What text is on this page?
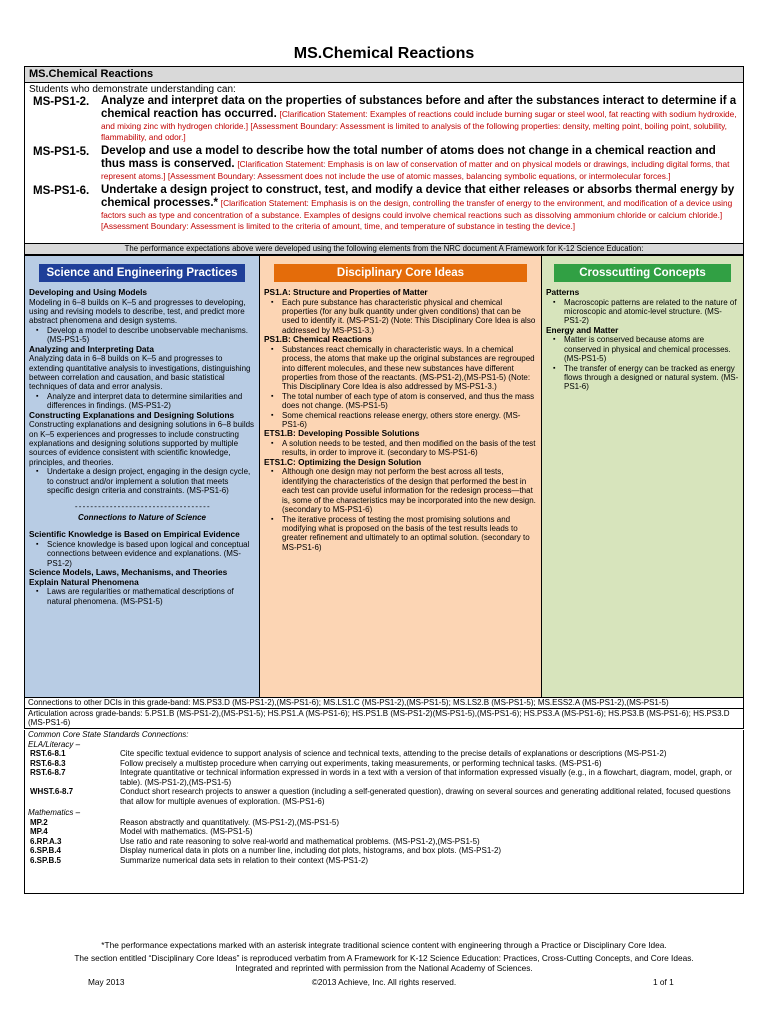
MS.Chemical Reactions
MS.Chemical Reactions
Students who demonstrate understanding can:
MS-PS1-2.	Analyze and interpret data on the properties of substances before and after the substances interact to determine if a chemical reaction has occurred. [Clarification Statement: Examples of reactions could include burning sugar or steel wool, fat reacting with sodium hydroxide, and mixing zinc with hydrogen chloride.] [Assessment Boundary: Assessment is limited to analysis of the following properties: density, melting point, boiling point, solubility, flammability, and odor.]
MS-PS1-5.	Develop and use a model to describe how the total number of atoms does not change in a chemical reaction and thus mass is conserved. [Clarification Statement: Emphasis is on law of conservation of matter and on physical models or drawings, including digital forms, that represent atoms.] [Assessment Boundary: Assessment does not include the use of atomic masses, balancing symbolic equations, or intermolecular forces.]
MS-PS1-6.	Undertake a design project to construct, test, and modify a device that either releases or absorbs thermal energy by chemical processes.* [Clarification Statement: Emphasis is on the design, controlling the transfer of energy to the environment, and modification of a device using factors such as type and concentration of a substance. Examples of designs could involve chemical reactions such as dissolving ammonium chloride or calcium chloride.] [Assessment Boundary: Assessment is limited to the criteria of amount, time, and temperature of substance in testing the device.]
The performance expectations above were developed using the following elements from the NRC document A Framework for K-12 Science Education:
Science and Engineering Practices
Developing and Using Models

Modeling in 6–8 builds on K–5 and progresses to developing, using and revising models to describe, test, and predict more abstract phenomena and design systems.

▪ Develop a model to describe unobservable mechanisms. (MS-PS1-5)
Analyzing and Interpreting Data

Analyzing data in 6–8 builds on K–5 and progresses to extending quantitative analysis to investigations, distinguishing between correlation and causation, and basic statistical techniques of data and error analysis.

▪ Analyze and interpret data to determine similarities and differences in findings. (MS-PS1-2)
Constructing Explanations and Designing Solutions

Constructing explanations and designing solutions in 6–8 builds on K–5 experiences and progresses to include constructing explanations and designing solutions supported by multiple sources of evidence consistent with scientific knowledge, principles, and theories.

▪ Undertake a design project, engaging in the design cycle, to construct and/or implement a solution that meets specific design criteria and constraints. (MS-PS1-6)
- - - - - - - - - - - - - - - - - - - - - - - - - - - - - - - - - - -
Connections to Nature of Science
Scientific Knowledge is Based on Empirical Evidence
▪ Science knowledge is based upon logical and conceptual connections between evidence and explanations. (MS-PS1-2)
Science Models, Laws, Mechanisms, and Theories Explain Natural Phenomena
▪ Laws are regularities or mathematical descriptions of natural phenomena. (MS-PS1-5)
Disciplinary Core Ideas
PS1.A: Structure and Properties of Matter
▪ Each pure substance has characteristic physical and chemical properties (for any bulk quantity under given conditions) that can be used to identify it. (MS-PS1-2) (Note: This Disciplinary Core Idea is also addressed by MS-PS1-3.)
PS1.B: Chemical Reactions
▪ Substances react chemically in characteristic ways. In a chemical process, the atoms that make up the original substances are regrouped into different molecules, and these new substances have different properties from those of the reactants. (MS-PS1-2),(MS-PS1-5) (Note: This Disciplinary Core Idea is also addressed by MS-PS1-3.)
▪ The total number of each type of atom is conserved, and thus the mass does not change. (MS-PS1-5)
▪ Some chemical reactions release energy, others store energy. (MS-PS1-6)
ETS1.B: Developing Possible Solutions
▪ A solution needs to be tested, and then modified on the basis of the test results, in order to improve it. (secondary to MS-PS1-6)
ETS1.C: Optimizing the Design Solution
▪ Although one design may not perform the best across all tests, identifying the characteristics of the design that performed the best in each test can provide useful information for the redesign process—that is, some of the characteristics may be incorporated into the new design. (secondary to MS-PS1-6)
▪ The iterative process of testing the most promising solutions and modifying what is proposed on the basis of the test results leads to greater refinement and ultimately to an optimal solution. (secondary to MS-PS1-6)
Crosscutting Concepts
Patterns
▪ Macroscopic patterns are related to the nature of microscopic and atomic-level structure. (MS-PS1-2)
Energy and Matter
▪ Matter is conserved because atoms are conserved in physical and chemical processes. (MS-PS1-5)
▪ The transfer of energy can be tracked as energy flows through a designed or natural system. (MS-PS1-6)
Connections to other DCIs in this grade-band: MS.PS3.D (MS-PS1-2),(MS-PS1-6); MS.LS1.C (MS-PS1-2),(MS-PS1-5); MS.LS2.B (MS-PS1-5); MS.ESS2.A (MS-PS1-2),(MS-PS1-5)
Articulation across grade-bands: 5.PS1.B (MS-PS1-2),(MS-PS1-5); HS.PS1.A (MS-PS1-6); HS.PS1.B (MS-PS1-2)(MS-PS1-5),(MS-PS1-6); HS.PS3.A (MS-PS1-6); HS.PS3.B (MS-PS1-6); HS.PS3.D (MS-PS1-6)
Common Core State Standards Connections:
ELA/Literacy –
RST.6-8.1	Cite specific textual evidence to support analysis of science and technical texts, attending to the precise details of explanations or descriptions (MS-PS1-2)
RST.6-8.3	Follow precisely a multistep procedure when carrying out experiments, taking measurements, or performing technical tasks. (MS-PS1-6)
RST.6-8.7	Integrate quantitative or technical information expressed in words in a text with a version of that information expressed visually (e.g., in a flowchart, diagram, model, graph, or table). (MS-PS1-2),(MS-PS1-5)
WHST.6-8.7	Conduct short research projects to answer a question (including a self-generated question), drawing on several sources and generating additional related, focused questions that allow for multiple avenues of exploration. (MS-PS1-6)
Mathematics –
MP.2	Reason abstractly and quantitatively. (MS-PS1-2),(MS-PS1-5)
MP.4	Model with mathematics. (MS-PS1-5)
6.RP.A.3	Use ratio and rate reasoning to solve real-world and mathematical problems. (MS-PS1-2),(MS-PS1-5)
6.SP.B.4	Display numerical data in plots on a number line, including dot plots, histograms, and box plots. (MS-PS1-2)
6.SP.B.5	Summarize numerical data sets in relation to their context (MS-PS1-2)
*The performance expectations marked with an asterisk integrate traditional science content with engineering through a Practice or Disciplinary Core Idea.
The section entitled “Disciplinary Core Ideas” is reproduced verbatim from A Framework for K-12 Science Education: Practices, Cross-Cutting Concepts, and Core Ideas. Integrated and reprinted with permission from the National Academy of Sciences.
May 2013	©2013 Achieve, Inc. All rights reserved.	1 of 1
